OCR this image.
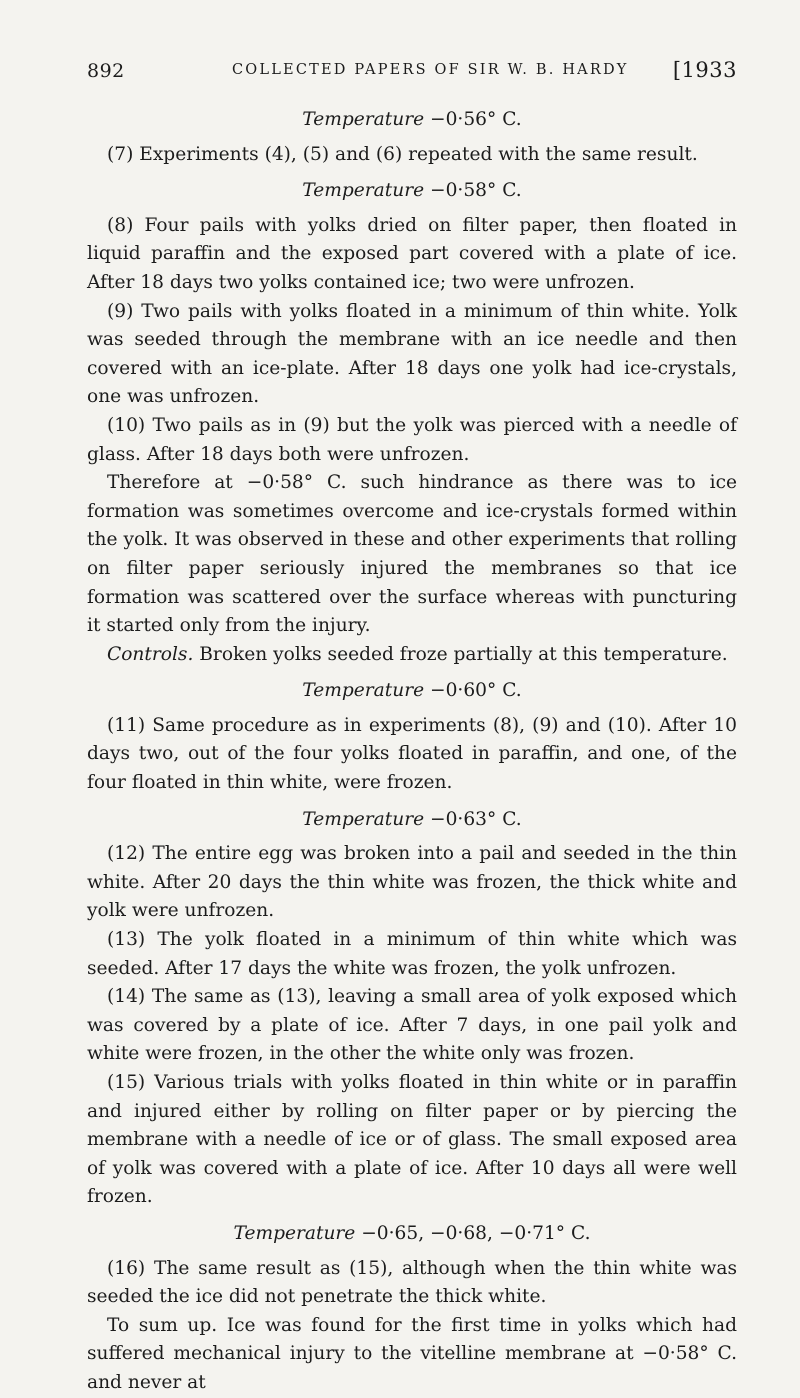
892	COLLECTED PAPERS OF SIR W. B. HARDY [1933

Temperature −0·56° C.

(7) Experiments (4), (5) and (6) repeated with the same result.

Temperature −0·58° C.

(8) Four pails with yolks dried on filter paper, then floated in liquid paraffin and the exposed part covered with a plate of ice. After 18 days two yolks contained ice; two were unfrozen.

(9) Two pails with yolks floated in a minimum of thin white. Yolk was seeded through the membrane with an ice needle and then covered with an ice-plate. After 18 days one yolk had ice-crystals, one was unfrozen.

(10) Two pails as in (9) but the yolk was pierced with a needle of glass. After 18 days both were unfrozen.

Therefore at −0·58° C. such hindrance as there was to ice formation was sometimes overcome and ice-crystals formed within the yolk. It was observed in these and other experiments that rolling on filter paper seriously injured the membranes so that ice formation was scattered over the surface whereas with puncturing it started only from the injury.

Controls. Broken yolks seeded froze partially at this temperature.

Temperature −0·60° C.

(11) Same procedure as in experiments (8), (9) and (10). After 10 days two, out of the four yolks floated in paraffin, and one, of the four floated in thin white, were frozen.

Temperature −0·63° C.

(12) The entire egg was broken into a pail and seeded in the thin white. After 20 days the thin white was frozen, the thick white and yolk were unfrozen.

(13) The yolk floated in a minimum of thin white which was seeded. After 17 days the white was frozen, the yolk unfrozen.

(14) The same as (13), leaving a small area of yolk exposed which was covered by a plate of ice. After 7 days, in one pail yolk and white were frozen, in the other the white only was frozen.

(15) Various trials with yolks floated in thin white or in paraffin and injured either by rolling on filter paper or by piercing the membrane with a needle of ice or of glass. The small exposed area of yolk was covered with a plate of ice. After 10 days all were well frozen.

Temperature −0·65, −0·68, −0·71° C.

(16) The same result as (15), although when the thin white was seeded the ice did not penetrate the thick white.

To sum up. Ice was found for the first time in yolks which had suffered mechanical injury to the vitelline membrane at −0·58° C. and never at
